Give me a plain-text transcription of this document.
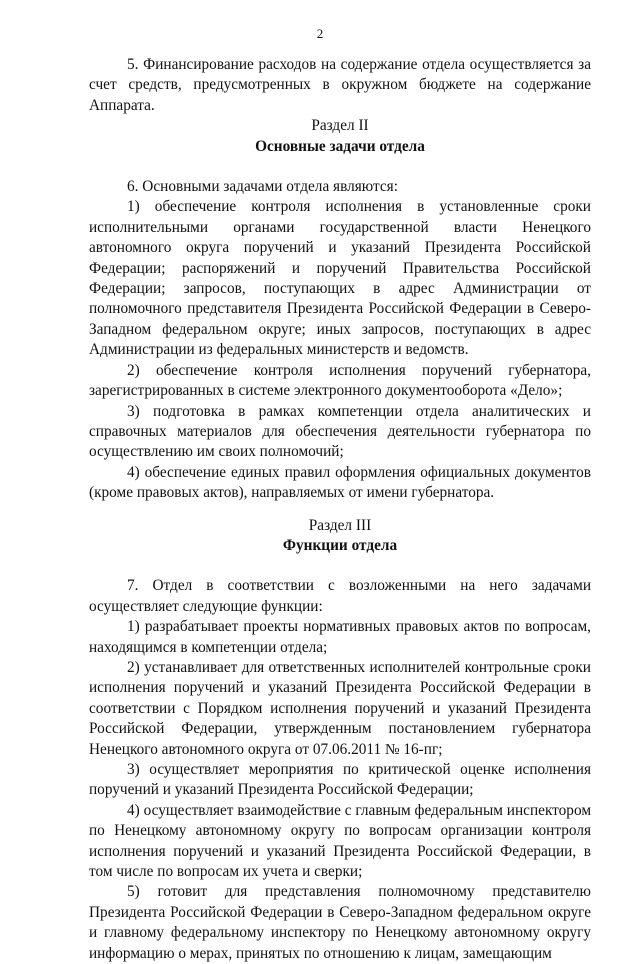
2

5. Финансирование расходов на содержание отдела осуществляется за счет средств, предусмотренных в окружном бюджете на содержание Аппарата.

Раздел II

Основные задачи отдела

6. Основными задачами отдела являются:

1) обеспечение контроля исполнения в установленные сроки исполнительными органами государственной власти Ненецкого автономного округа поручений и указаний Президента Российской Федерации; распоряжений и поручений Правительства Российской Федерации; запросов, поступающих в адрес Администрации от полномочного представителя Президента Российской Федерации в Северо-Западном федеральном округе; иных запросов, поступающих в адрес Администрации из федеральных министерств и ведомств.

2) обеспечение контроля исполнения поручений губернатора, зарегистрированных в системе электронного документооборота «Дело»;

3) подготовка в рамках компетенции отдела аналитических и справочных материалов для обеспечения деятельности губернатора по осуществлению им своих полномочий;

4) обеспечение единых правил оформления официальных документов (кроме правовых актов), направляемых от имени губернатора.

Раздел III

Функции отдела

7. Отдел в соответствии с возложенными на него задачами осуществляет следующие функции:

1) разрабатывает проекты нормативных правовых актов по вопросам, находящимся в компетенции отдела;

2) устанавливает для ответственных исполнителей контрольные сроки исполнения поручений и указаний Президента Российской Федерации в соответствии с Порядком исполнения поручений и указаний Президента Российской Федерации, утвержденным постановлением губернатора Ненецкого автономного округа от 07.06.2011 № 16-пг;

3) осуществляет мероприятия по критической оценке исполнения поручений и указаний Президента Российской Федерации;

4) осуществляет взаимодействие с главным федеральным инспектором по Ненецкому автономному округу по вопросам организации контроля исполнения поручений и указаний Президента Российской Федерации, в том числе по вопросам их учета и сверки;

5) готовит для представления полномочному представителю Президента Российской Федерации в Северо-Западном федеральном округе и главному федеральному инспектору по Ненецкому автономному округу информацию о мерах, принятых по отношению к лицам, замещающим
